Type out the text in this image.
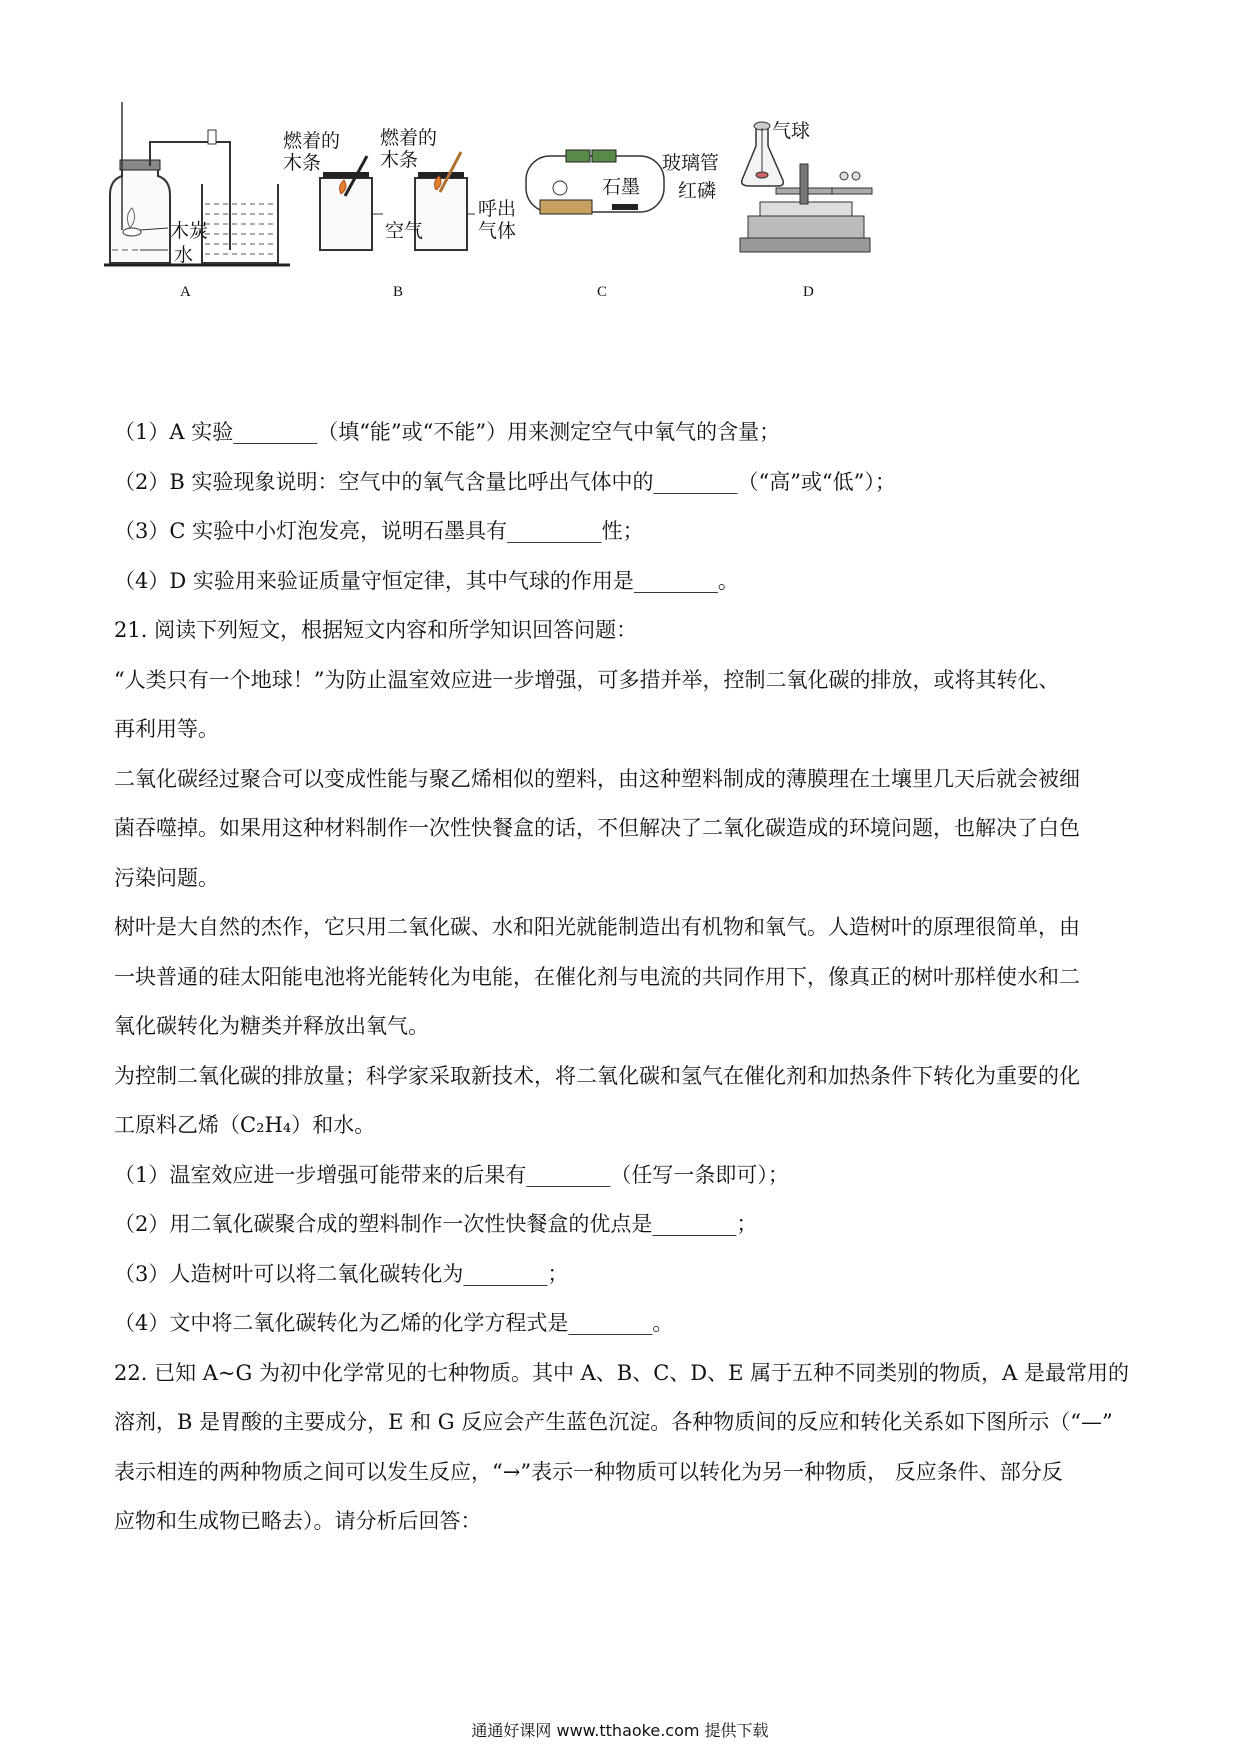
木炭
水
A
燃着的
木条
空气
燃着的
木条
呼出
气体
B
石墨
C
气球
玻璃管
红磷
D
（1）A 实验________（填“能”或“不能”）用来测定空气中氧气的含量；
（2）B 实验现象说明：空气中的氧气含量比呼出气体中的________（“高”或“低”）；
（3）C 实验中小灯泡发亮，说明石墨具有_________性；
（4）D 实验用来验证质量守恒定律，其中气球的作用是________。
21. 阅读下列短文，根据短文内容和所学知识回答问题：
“人类只有一个地球！”为防止温室效应进一步增强，可多措并举，控制二氧化碳的排放，或将其转化、
再利用等。
二氧化碳经过聚合可以变成性能与聚乙烯相似的塑料，由这种塑料制成的薄膜理在土壤里几天后就会被细
菌吞噬掉。如果用这种材料制作一次性快餐盒的话，不但解决了二氧化碳造成的环境问题，也解决了白色
污染问题。
树叶是大自然的杰作，它只用二氧化碳、水和阳光就能制造出有机物和氧气。人造树叶的原理很简单，由
一块普通的硅太阳能电池将光能转化为电能，在催化剂与电流的共同作用下，像真正的树叶那样使水和二
氧化碳转化为糖类并释放出氧气。
为控制二氧化碳的排放量；科学家采取新技术，将二氧化碳和氢气在催化剂和加热条件下转化为重要的化
工原料乙烯（C₂H₄）和水。
（1）温室效应进一步增强可能带来的后果有________（任写一条即可）；
（2）用二氧化碳聚合成的塑料制作一次性快餐盒的优点是________；
（3）人造树叶可以将二氧化碳转化为________；
（4）文中将二氧化碳转化为乙烯的化学方程式是________。
22. 已知 A~G 为初中化学常见的七种物质。其中 A、B、C、D、E 属于五种不同类别的物质，A 是最常用的
溶剂，B 是胃酸的主要成分，E 和 G 反应会产生蓝色沉淀。各种物质间的反应和转化关系如下图所示（“—”
表示相连的两种物质之间可以发生反应，“→”表示一种物质可以转化为另一种物质， 反应条件、部分反
应物和生成物已略去）。请分析后回答：
通通好课网 www.tthaoke.com 提供下载
